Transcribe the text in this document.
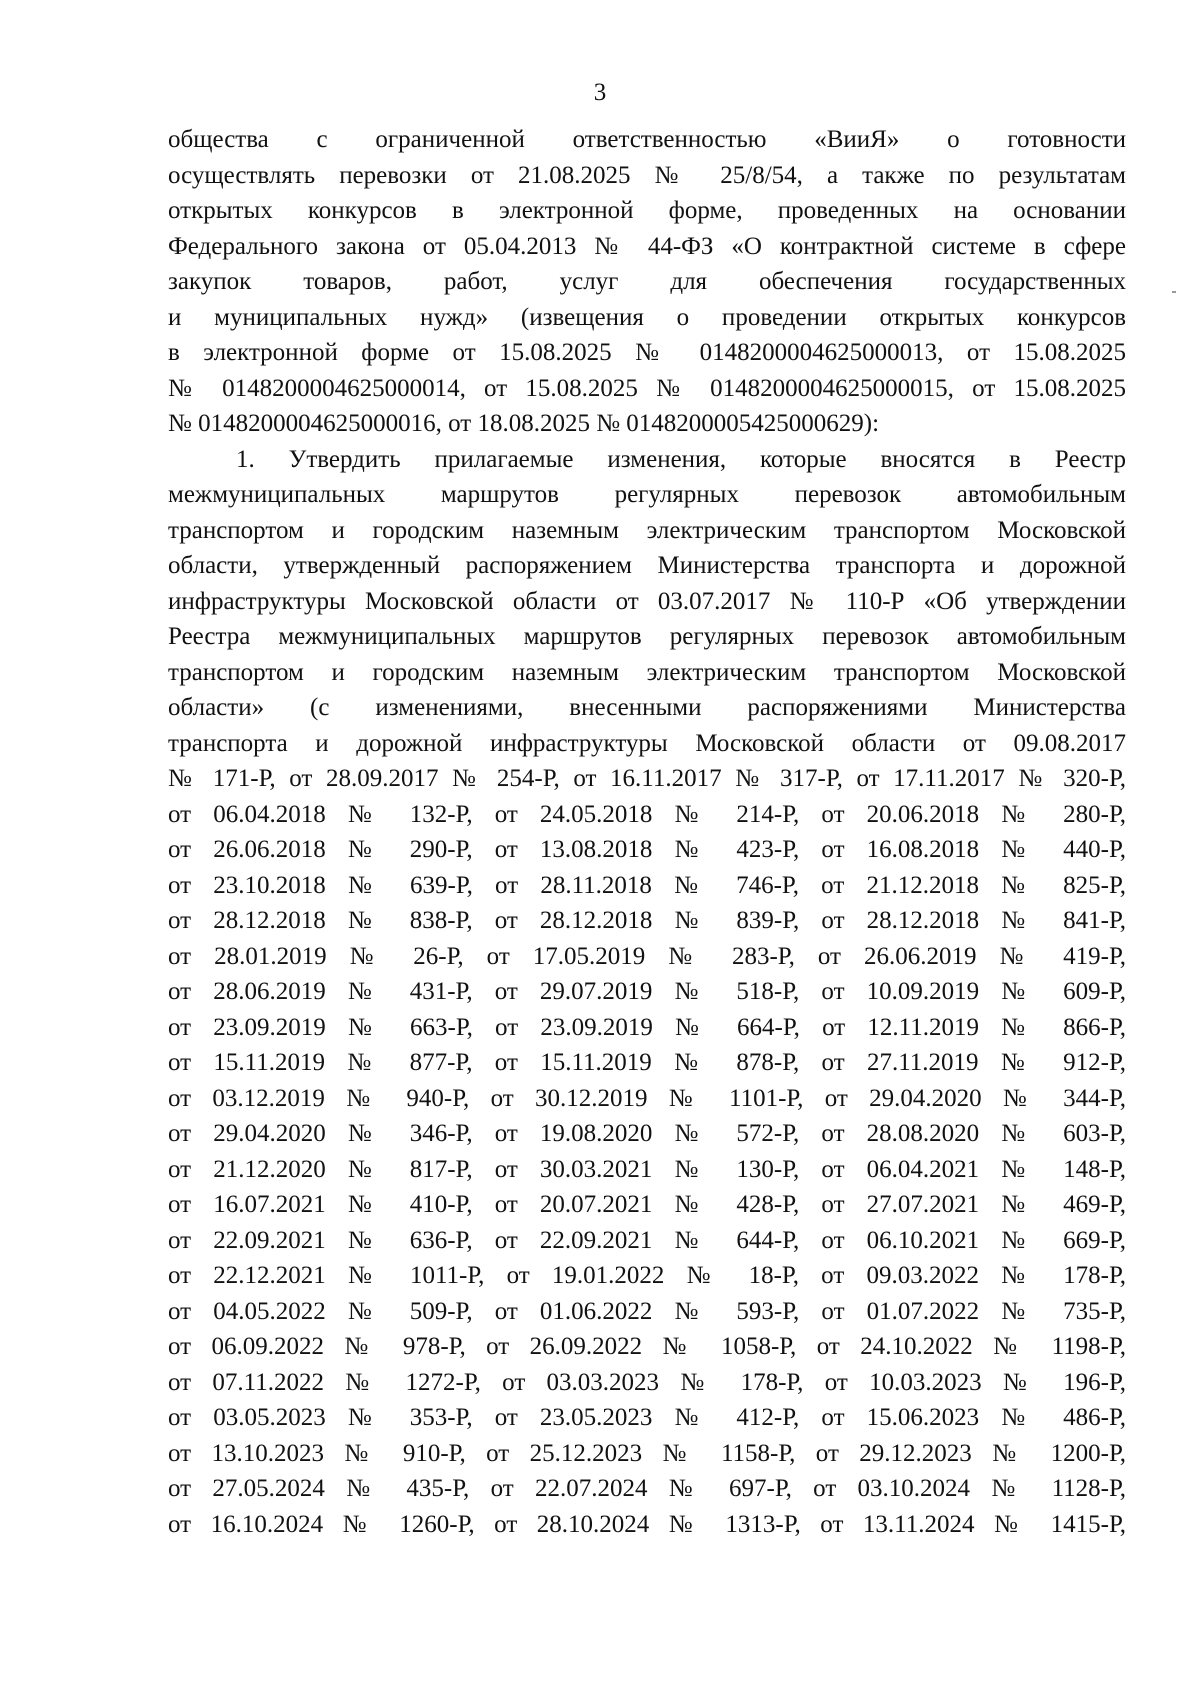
3
общества с ограниченной ответственностью «ВииЯ» о готовности
осуществлять перевозки от 21.08.2025 № 25/8/54, а также по результатам
открытых конкурсов в электронной форме, проведенных на основании
Федерального закона от 05.04.2013 № 44-ФЗ «О контрактной системе в сфере
закупок товаров, работ, услуг для обеспечения государственных
и муниципальных нужд» (извещения о проведении открытых конкурсов
в электронной форме от 15.08.2025 № 0148200004625000013, от 15.08.2025
№ 0148200004625000014, от 15.08.2025 № 0148200004625000015, от 15.08.2025
№ 0148200004625000016, от 18.08.2025 № 0148200005425000629):
1. Утвердить прилагаемые изменения, которые вносятся в Реестр
межмуниципальных маршрутов регулярных перевозок автомобильным
транспортом и городским наземным электрическим транспортом Московской
области, утвержденный распоряжением Министерства транспорта и дорожной
инфраструктуры Московской области от 03.07.2017 № 110-Р «Об утверждении
Реестра межмуниципальных маршрутов регулярных перевозок автомобильным
транспортом и городским наземным электрическим транспортом Московской
области» (с изменениями, внесенными распоряжениями Министерства
транспорта и дорожной инфраструктуры Московской области от 09.08.2017
№ 171-Р, от 28.09.2017 № 254-Р, от 16.11.2017 № 317-Р, от 17.11.2017 № 320-Р,
от 06.04.2018 № 132-Р, от 24.05.2018 № 214-Р, от 20.06.2018 № 280-Р,
от 26.06.2018 № 290-Р, от 13.08.2018 № 423-Р, от 16.08.2018 № 440-Р,
от 23.10.2018 № 639-Р, от 28.11.2018 № 746-Р, от 21.12.2018 № 825-Р,
от 28.12.2018 № 838-Р, от 28.12.2018 № 839-Р, от 28.12.2018 № 841-Р,
от 28.01.2019 № 26-Р, от 17.05.2019 № 283-Р, от 26.06.2019 № 419-Р,
от 28.06.2019 № 431-Р, от 29.07.2019 № 518-Р, от 10.09.2019 № 609-Р,
от 23.09.2019 № 663-Р, от 23.09.2019 № 664-Р, от 12.11.2019 № 866-Р,
от 15.11.2019 № 877-Р, от 15.11.2019 № 878-Р, от 27.11.2019 № 912-Р,
от 03.12.2019 № 940-Р, от 30.12.2019 № 1101-Р, от 29.04.2020 № 344-Р,
от 29.04.2020 № 346-Р, от 19.08.2020 № 572-Р, от 28.08.2020 № 603-Р,
от 21.12.2020 № 817-Р, от 30.03.2021 № 130-Р, от 06.04.2021 № 148-Р,
от 16.07.2021 № 410-Р, от 20.07.2021 № 428-Р, от 27.07.2021 № 469-Р,
от 22.09.2021 № 636-Р, от 22.09.2021 № 644-Р, от 06.10.2021 № 669-Р,
от 22.12.2021 № 1011-Р, от 19.01.2022 № 18-Р, от 09.03.2022 № 178-Р,
от 04.05.2022 № 509-Р, от 01.06.2022 № 593-Р, от 01.07.2022 № 735-Р,
от 06.09.2022 № 978-Р, от 26.09.2022 № 1058-Р, от 24.10.2022 № 1198-Р,
от 07.11.2022 № 1272-Р, от 03.03.2023 № 178-Р, от 10.03.2023 № 196-Р,
от 03.05.2023 № 353-Р, от 23.05.2023 № 412-Р, от 15.06.2023 № 486-Р,
от 13.10.2023 № 910-Р, от 25.12.2023 № 1158-Р, от 29.12.2023 № 1200-Р,
от 27.05.2024 № 435-Р, от 22.07.2024 № 697-Р, от 03.10.2024 № 1128-Р,
от 16.10.2024 № 1260-Р, от 28.10.2024 № 1313-Р, от 13.11.2024 № 1415-Р,
